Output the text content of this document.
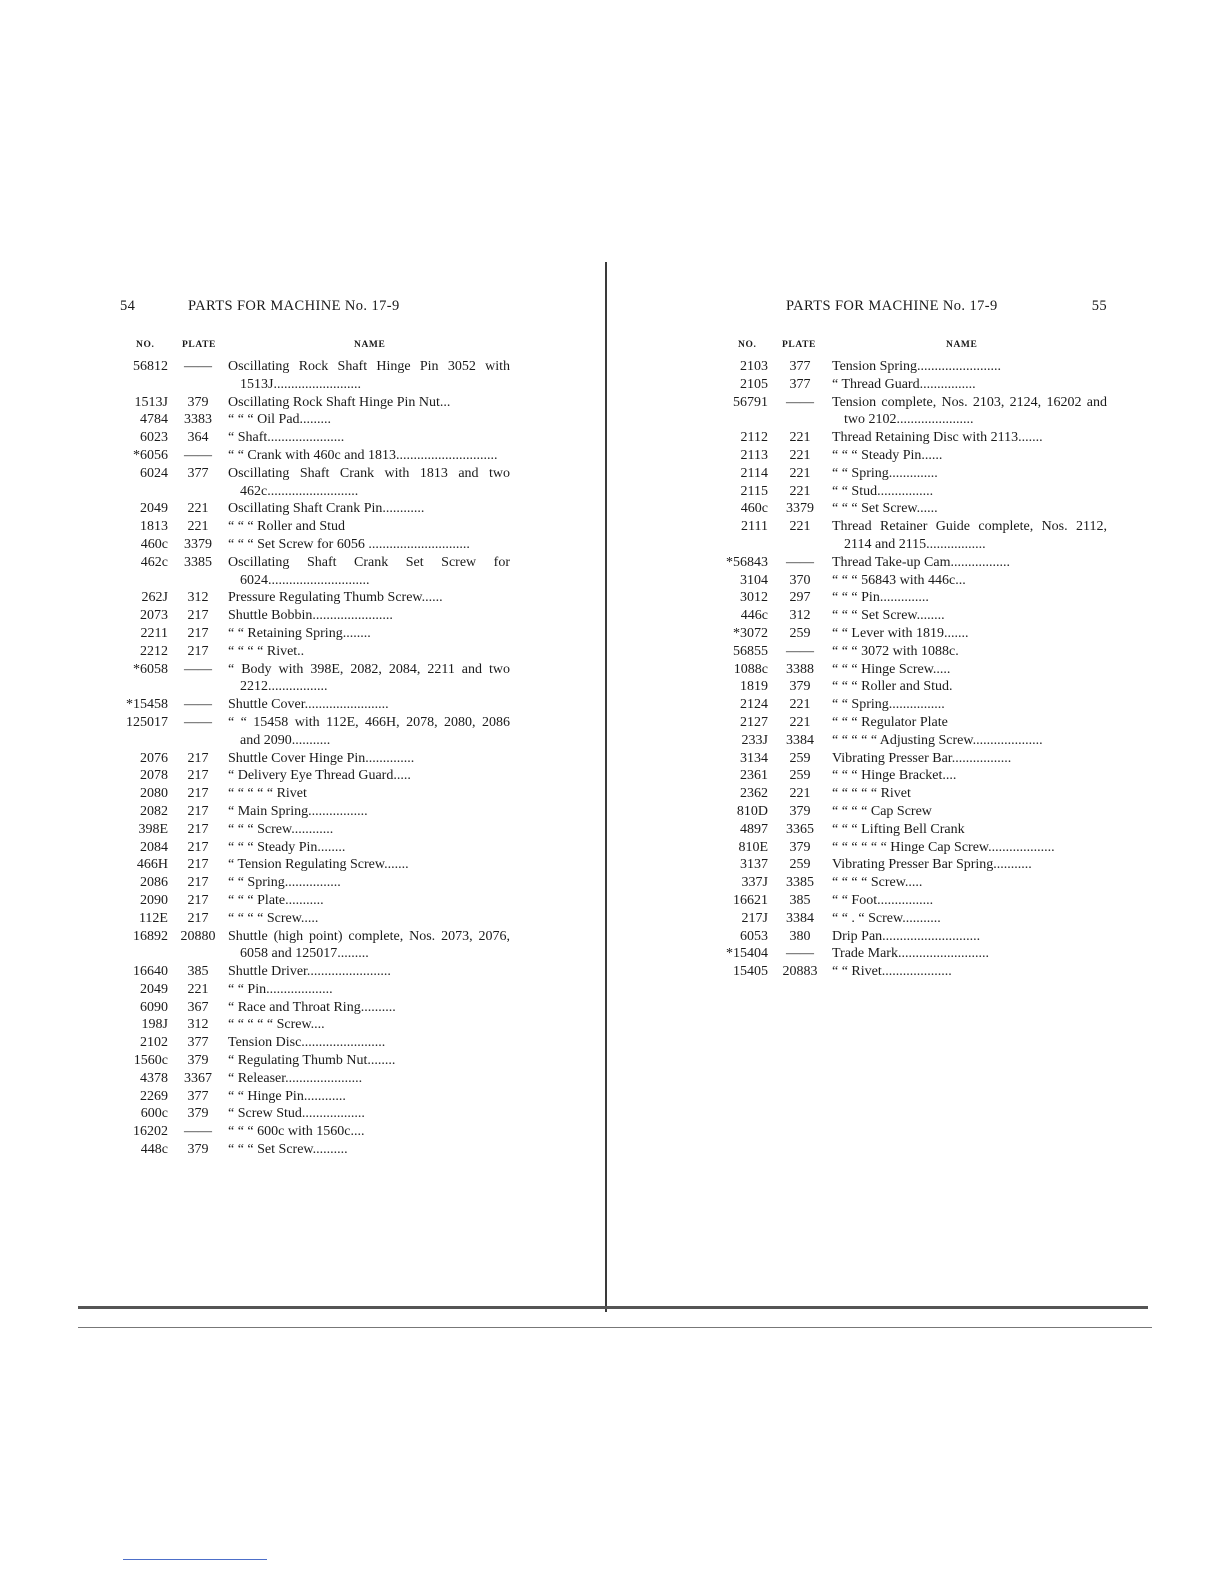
54	PARTS FOR MACHINE No. 17-9
NO.	PLATE	NAME
56812	——	Oscillating Rock Shaft Hinge Pin 3052 with 1513J.........................
1513J	379	Oscillating Rock Shaft Hinge Pin Nut...
4784	3383	“ “ “ Oil Pad.........
6023	364	“ Shaft......................
*6056	——	“ “ Crank with 460c and 1813.............................
6024	377	Oscillating Shaft Crank with 1813 and two 462c..........................
2049	221	Oscillating Shaft Crank Pin............
1813	221	“ “ “ Roller and Stud
460c	3379	“ “ “ Set Screw for 6056 .............................
462c	3385	Oscillating Shaft Crank Set Screw for 6024.............................
262J	312	Pressure Regulating Thumb Screw......
2073	217	Shuttle Bobbin.......................
2211	217	“ “ Retaining Spring........
2212	217	“ “ “ “ Rivet..
*6058	——	“ Body with 398E, 2082, 2084, 2211 and two 2212.................
*15458	——	Shuttle Cover........................
125017	——	“ “ 15458 with 112E, 466H, 2078, 2080, 2086 and 2090...........
2076	217	Shuttle Cover Hinge Pin..............
2078	217	“ Delivery Eye Thread Guard.....
2080	217	“ “ “ “ “ Rivet
2082	217	“ Main Spring.................
398E	217	“ “ “ Screw............
2084	217	“ “ “ Steady Pin........
466H	217	“ Tension Regulating Screw.......
2086	217	“ “ Spring................
2090	217	“ “ “ Plate...........
112E	217	“ “ “ “ Screw.....
16892 20880 Shuttle (high point) complete, Nos. 2073, 2076, 6058 and 125017.........
16640	385	Shuttle Driver........................
2049	221	“ “ Pin...................
6090	367	“ Race and Throat Ring..........
198J	312	“ “ “ “ “ Screw....
2102	377	Tension Disc........................
1560c	379	“ Regulating Thumb Nut........
4378	3367	“ Releaser......................
2269	377	“ “ Hinge Pin............
600c	379	“ Screw Stud..................
16202	——	“ “ “ 600c with 1560c....
448c	379	“ “ “ Set Screw..........
PARTS FOR MACHINE No. 17-9	55
NO.	PLATE	NAME
2103	377	Tension Spring........................
2105	377	“ Thread Guard................
56791	——	Tension complete, Nos. 2103, 2124, 16202 and two 2102......................
2112	221	Thread Retaining Disc with 2113.......
2113	221	“ “ “ Steady Pin......
2114	221	“ “ Spring..............
2115	221	“ “ Stud................
460c	3379	“ “ “ Set Screw......
2111	221	Thread Retainer Guide complete, Nos. 2112, 2114 and 2115.................
*56843	——	Thread Take-up Cam.................
3104	370	“ “ “ 56843 with 446c...
3012	297	“ “ “ Pin..............
446c	312	“ “ “ Set Screw........
*3072	259	“ “ Lever with 1819.......
56855	——	“ “ “ 3072 with 1088c.
1088c	3388	“ “ “ Hinge Screw.....
1819	379	“ “ “ Roller and Stud.
2124	221	“ “ Spring................
2127	221	“ “ “ Regulator Plate
233J	3384	“ “ “ “ “ Adjusting Screw....................
3134	259	Vibrating Presser Bar.................
2361	259	“ “ “ Hinge Bracket....
2362	221	“ “ “ “ “ Rivet
810D	379	“ “ “ “ Cap Screw
4897	3365	“ “ “ Lifting Bell Crank
810E	379	“ “ “ “ “ “ Hinge Cap Screw...................
3137	259	Vibrating Presser Bar Spring...........
337J	3385	“ “ “ “ Screw.....
16621	385	“ “ Foot................
217J	3384	“ “ . “ Screw...........
6053	380	Drip Pan............................
*15404	——	Trade Mark..........................
15405	20883	“ “ Rivet....................
